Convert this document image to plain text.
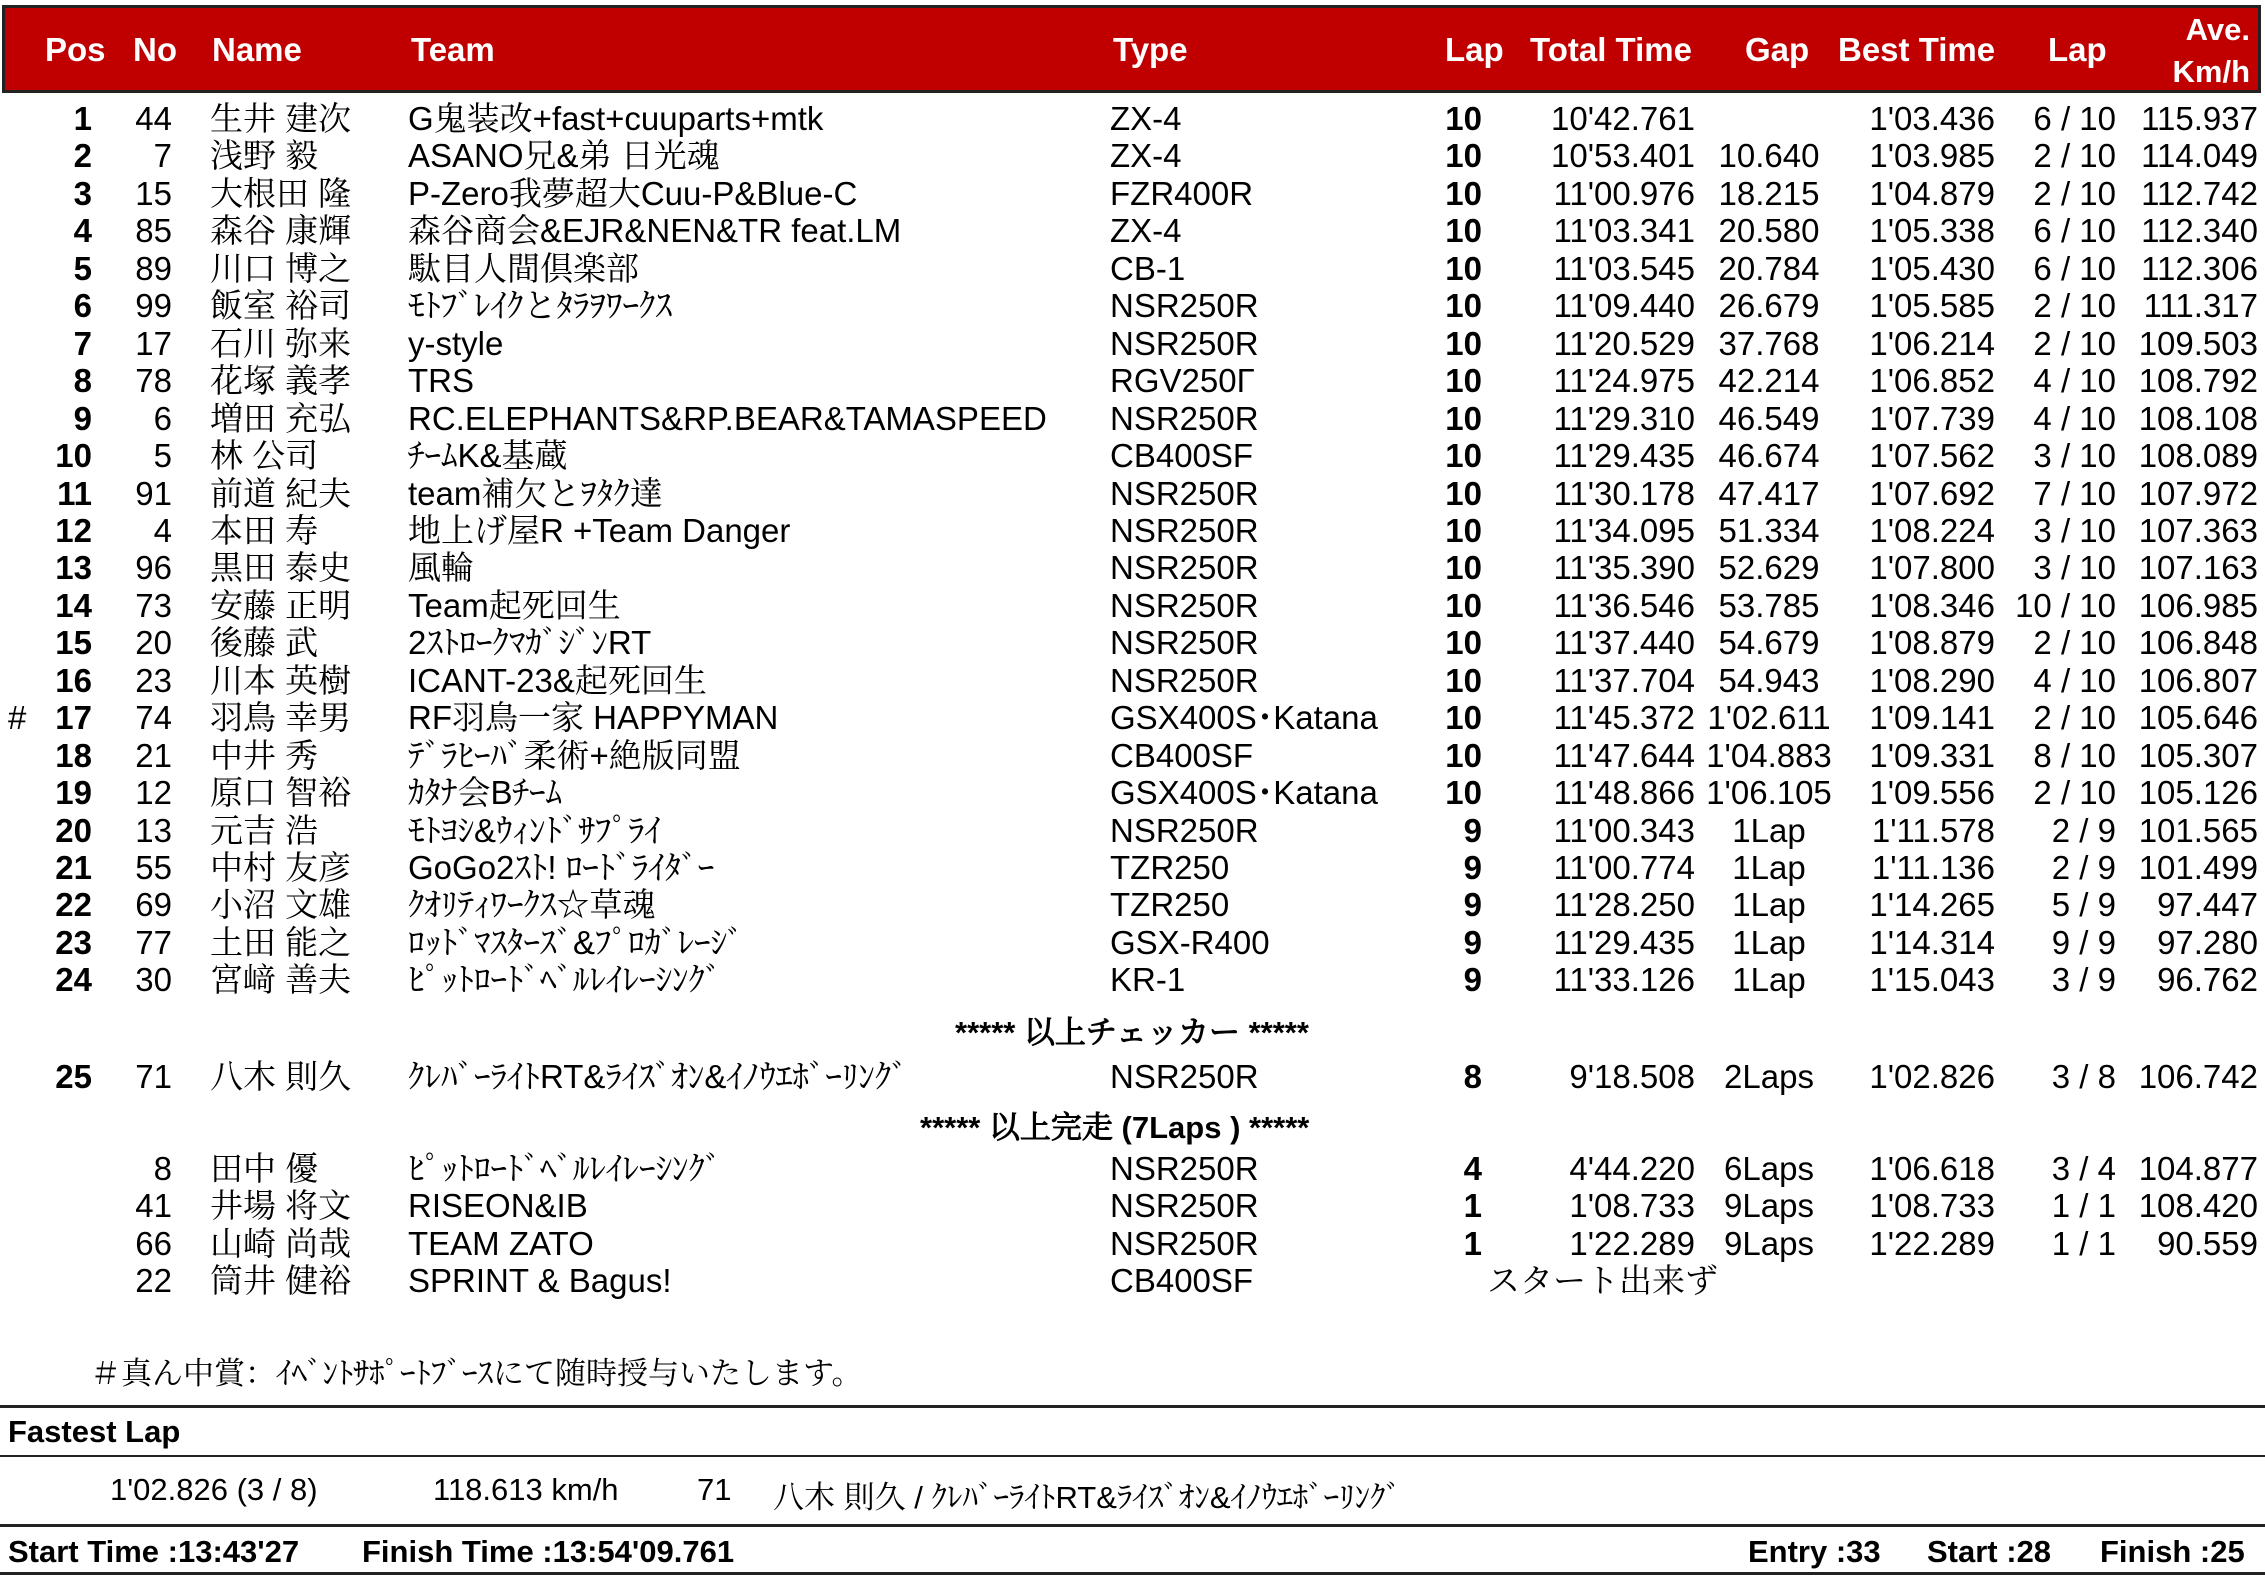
Pos No Name	Team	Type	Lap Total Time Gap Best Time Lap
Ave.
Km/h
1	44 生井 建次	G鬼装改+fast+cuuparts+mtk	ZX-4	10	10'42.761	1'03.436	6 / 10 115.937
2	7 浅野 毅	ASANO兄&弟 日光魂	ZX-4	10	10'53.401 10.640	1'03.985	2 / 10 114.049
3	15 大根田 隆	P-Zero我夢超大Cuu-P&Blue-C	FZR400R	10	11'00.976 18.215	1'04.879	2 / 10 112.742
4	85 森谷 康輝	森谷商会&EJR&NEN&TR feat.LM	ZX-4	10	11'03.341 20.580	1'05.338	6 / 10 112.340
5	89 川口 博之	駄目人間倶楽部	CB-1	10	11'03.545 20.784	1'05.430	6 / 10 112.306
6	99 飯室 裕司	ﾓﾄﾌﾞﾚｲｸとﾀﾗｦﾜｰｸｽ	NSR250R	10	11'09.440 26.679	1'05.585	2 / 10 111.317
7	17 石川 弥来	y-style	NSR250R	10	11'20.529 37.768	1'06.214	2 / 10 109.503
8	78 花塚 義孝	TRS	RGV250Γ	10	11'24.975 42.214	1'06.852	4 / 10 108.792
9	6 増田 充弘	RC.ELEPHANTS&RP.BEAR&TAMASPEED	NSR250R	10	11'29.310 46.549	1'07.739	4 / 10 108.108
10	5 林 公司	ﾁｰﾑK&基蔵	CB400SF	10	11'29.435 46.674	1'07.562	3 / 10 108.089
11	91 前道 紀夫	team補欠とｦﾀｸ達	NSR250R	10	11'30.178 47.417	1'07.692	7 / 10 107.972
12	4 本田 寿	地上げ屋R +Team Danger	NSR250R	10	11'34.095 51.334	1'08.224	3 / 10 107.363
13	96 黒田 泰史	風輪	NSR250R	10	11'35.390 52.629	1'07.800	3 / 10 107.163
14	73 安藤 正明	Team起死回生	NSR250R	10	11'36.546 53.785	1'08.346 10 / 10 106.985
15	20 後藤 武	2ｽﾄﾛｰｸﾏｶﾞｼﾞﾝRT	NSR250R	10	11'37.440 54.679	1'08.879	2 / 10 106.848
16	23 川本 英樹	ICANT-23&起死回生	NSR250R	10	11'37.704 54.943	1'08.290	4 / 10 106.807
# 17	74 羽鳥 幸男	RF羽鳥一家 HAPPYMAN	GSX400S･Katana	10	11'45.372 1'02.611	1'09.141	2 / 10 105.646
18	21 中井 秀	ﾃﾞﾗﾋｰﾊﾞ柔術+絶版同盟	CB400SF	10	11'47.644 1'04.883	1'09.331	8 / 10 105.307
19	12 原口 智裕	ｶﾀﾅ会Bﾁｰﾑ	GSX400S･Katana	10	11'48.866 1'06.105	1'09.556	2 / 10 105.126
20	13 元吉 浩	ﾓﾄﾖｼ&ｳｨﾝﾄﾞｻﾌﾟﾗｲ	NSR250R	9	11'00.343	1Lap	1'11.578	2 / 9 101.565
21	55 中村 友彦	GoGo2ｽﾄ! ﾛｰﾄﾞﾗｲﾀﾞｰ	TZR250	9	11'00.774	1Lap	1'11.136	2 / 9 101.499
22	69 小沼 文雄	ｸｵﾘﾃｨﾜｰｸｽ☆草魂	TZR250	9	11'28.250	1Lap	1'14.265	5 / 9	97.447
23	77 土田 能之	ﾛｯﾄﾞﾏｽﾀｰｽﾞ&ﾌﾟﾛｶﾞﾚｰｼﾞ	GSX-R400	9	11'29.435	1Lap	1'14.314	9 / 9	97.280
24	30 宮﨑 善夫	ﾋﾟｯﾄﾛｰﾄﾞﾍﾞﾙﾚｲﾚｰｼﾝｸﾞ	KR-1	9	11'33.126	1Lap	1'15.043	3 / 9	96.762
25	71 八木 則久	ｸﾚﾊﾞｰﾗｲﾄRT&ﾗｲｽﾞｵﾝ&ｲﾉｳｴﾎﾞｰﾘﾝｸﾞ	NSR250R	8	9'18.508 2Laps	1'02.826	3 / 8 106.742
8 田中 優	ﾋﾟｯﾄﾛｰﾄﾞﾍﾞﾙﾚｲﾚｰｼﾝｸﾞ	NSR250R	4	4'44.220 6Laps	1'06.618	3 / 4 104.877
41 井場 将文	RISEON&IB	NSR250R	1	1'08.733 9Laps	1'08.733	1 / 1 108.420
66 山崎 尚哉	TEAM ZATO	NSR250R	1	1'22.289 9Laps	1'22.289	1 / 1	90.559
22 筒井 健裕	SPRINT & Bagus!	CB400SF	スタート出来ず
***** 以上チェッカー *****
***** 以上完走 (7Laps ) *****
＃真ん中賞：ｲﾍﾞﾝﾄｻﾎﾟｰﾄﾌﾞｰｽにて随時授与いたします。
Fastest Lap
1'02.826 (3 / 8)	118.613 km/h	71 八木 則久 / ｸﾚﾊﾞｰﾗｲﾄRT&ﾗｲｽﾞｵﾝ&ｲﾉｳｴﾎﾞｰﾘﾝｸﾞ
Start Time :13:43'27 Finish Time :13:54'09.761	Entry :33 Start :28 Finish :25
